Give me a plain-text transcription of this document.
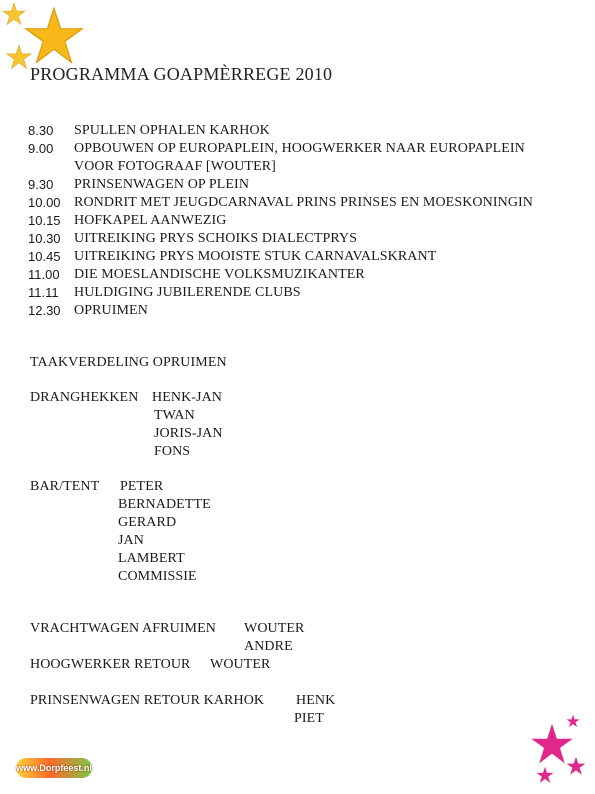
PROGRAMMA GOAPMÈRREGE 2010
8.30	SPULLEN OPHALEN KARHOK
9.00	OPBOUWEN OP EUROPAPLEIN, HOOGWERKER NAAR EUROPAPLEIN
VOOR FOTOGRAAF [WOUTER]
9.30	PRINSENWAGEN OP PLEIN
10.00 RONDRIT MET JEUGDCARNAVAL PRINS PRINSES EN MOESKONINGIN
10.15 HOFKAPEL AANWEZIG
10.30 UITREIKING PRYS SCHOIKS DIALECTPRYS
10.45 UITREIKING PRYS MOOISTE STUK CARNAVALSKRANT
11.00	DIE MOESLANDISCHE VOLKSMUZIKANTER
11.11	HULDIGING JUBILERENDE CLUBS
12.30 OPRUIMEN
TAAKVERDELING OPRUIMEN
DRANGHEKKEN HENK-JAN
TWAN
JORIS-JAN
FONS
BAR/TENT PETER
BERNADETTE
GERARD
JAN
LAMBERT
COMMISSIE
VRACHTWAGEN AFRUIMEN WOUTER
ANDRE
HOOGWERKER RETOUR WOUTER
PRINSENWAGEN RETOUR KARHOK HENK
PIET
www.Dorpfeest.nl
